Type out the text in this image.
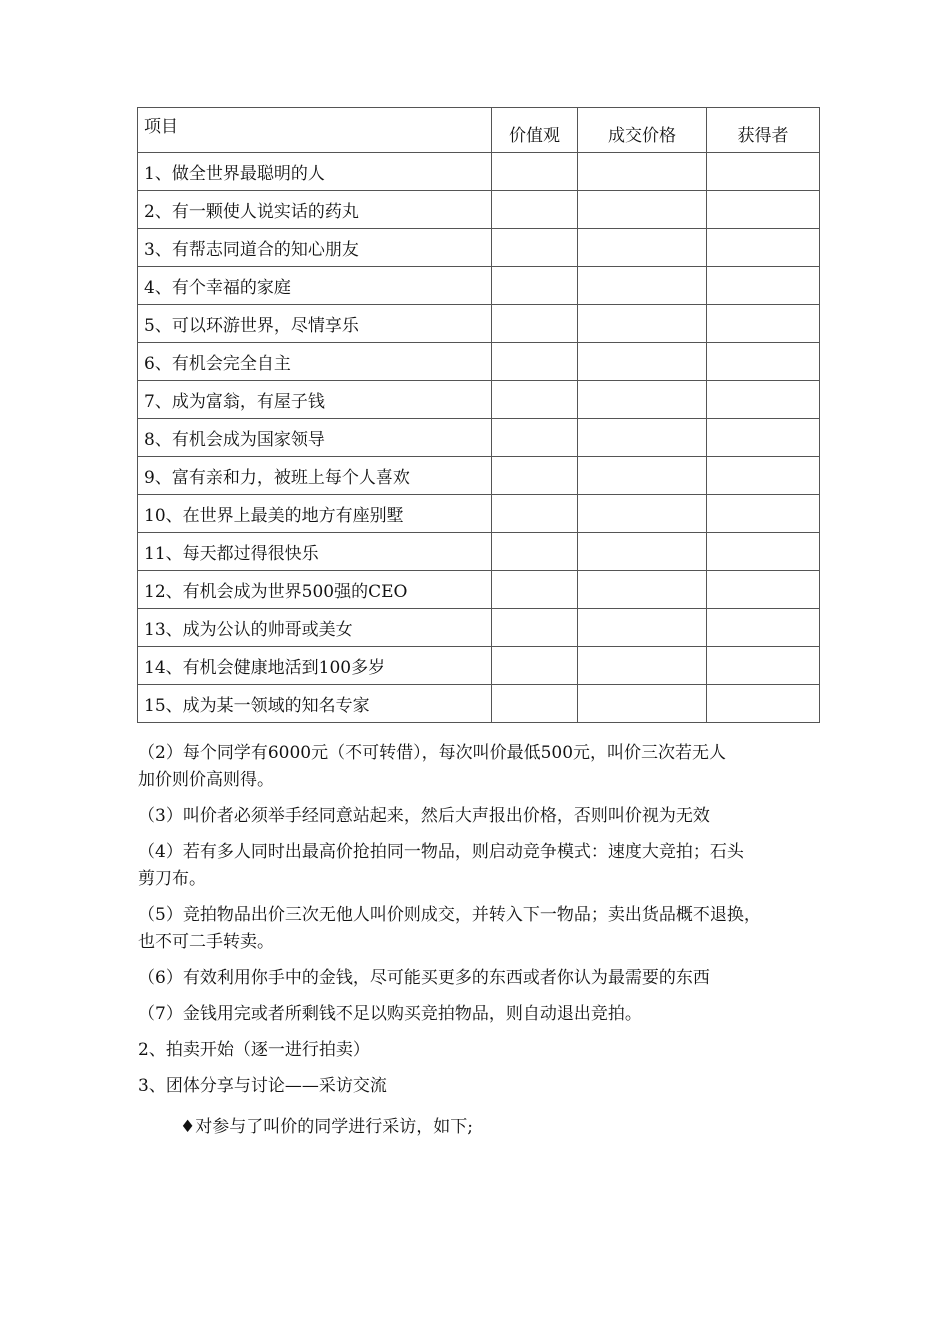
项目	价值观	成交价格	获得者
1、做全世界最聪明的人			
2、有一颗使人说实话的药丸			
3、有帮志同道合的知心朋友			
4、有个幸福的家庭			
5、可以环游世界，尽情享乐			
6、有机会完全自主			
7、成为富翁，有屋子钱			
8、有机会成为国家领导			
9、富有亲和力，被班上每个人喜欢			
10、在世界上最美的地方有座别墅			
11、每天都过得很快乐			
12、有机会成为世界500强的CEO			
13、成为公认的帅哥或美女			
14、有机会健康地活到100多岁			
15、成为某一领域的知名专家			

（2）每个同学有6000元（不可转借），每次叫价最低500元，叫价三次若无人

加价则价高则得。

（3）叫价者必须举手经同意站起来，然后大声报出价格，否则叫价视为无效

（4）若有多人同时出最高价抢拍同一物品，则启动竞争模式：速度大竞拍；石头

剪刀布。

（5）竞拍物品出价三次无他人叫价则成交，并转入下一物品；卖出货品概不退换，

也不可二手转卖。

（6）有效利用你手中的金钱，尽可能买更多的东西或者你认为最需要的东西

（7）金钱用完或者所剩钱不足以购买竞拍物品，则自动退出竞拍。

2、拍卖开始（逐一进行拍卖）

3、团体分享与讨论——采访交流

♦对参与了叫价的同学进行采访，如下;
